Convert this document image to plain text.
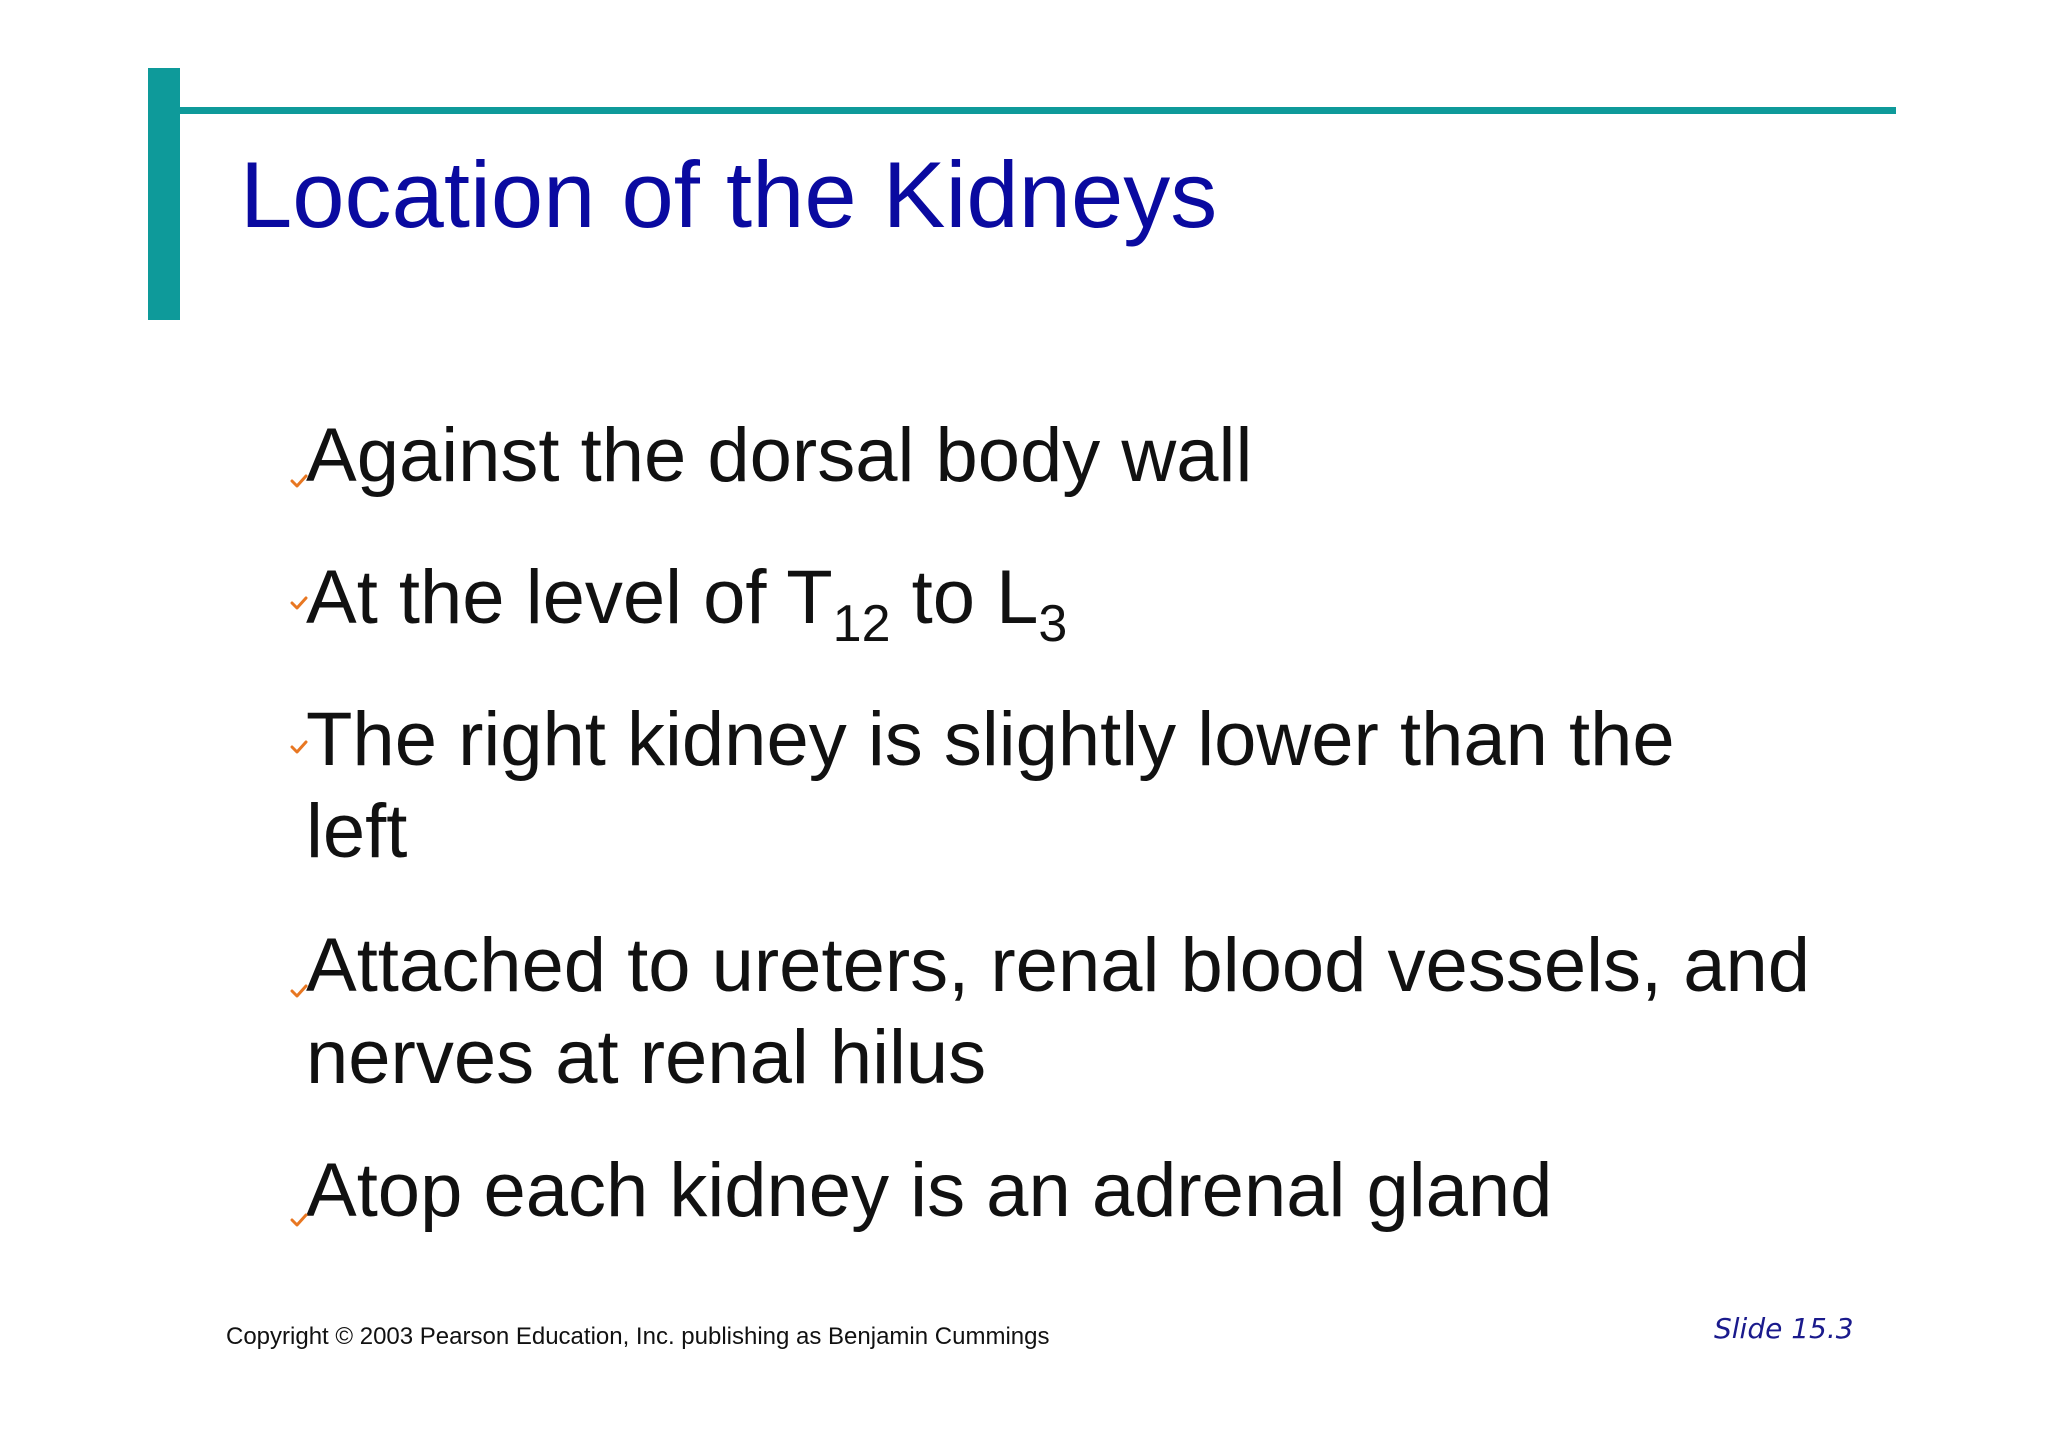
Location of the Kidneys
Against the dorsal body wall
At the level of $T_{12}$ to $L_3$
The right kidney is slightly lower than the left
Attached to ureters, renal blood vessels, and nerves at renal hilus
Atop each kidney is an adrenal gland
Copyright © 2003 Pearson Education, Inc. publishing as Benjamin Cummings	Slide 15.3
